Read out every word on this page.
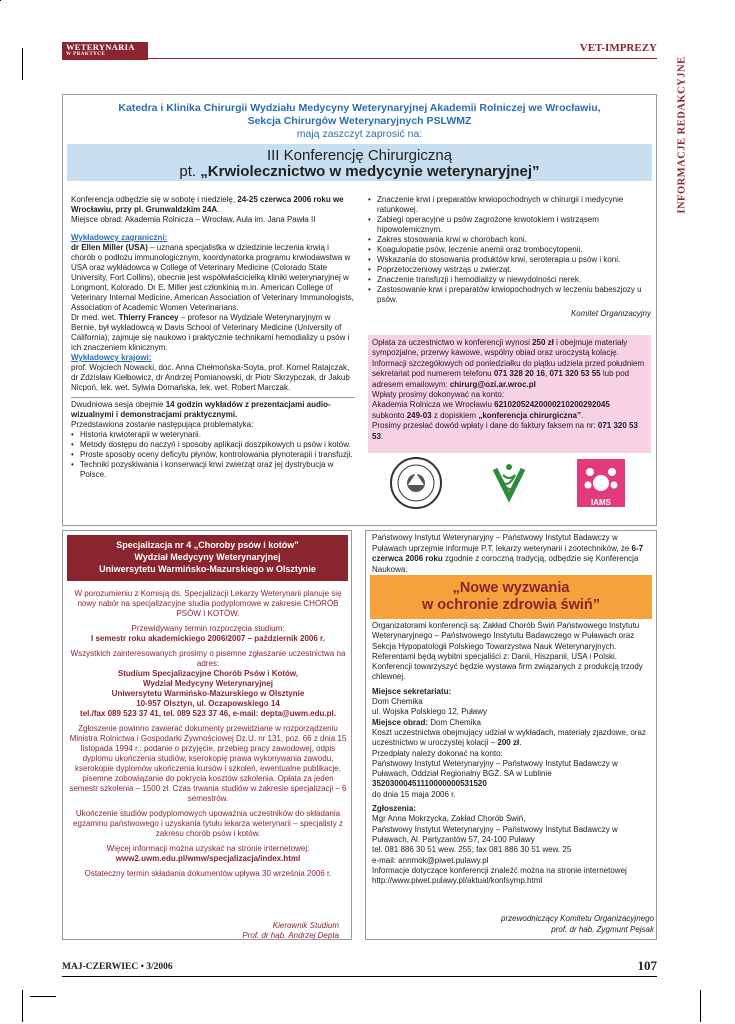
WETERYNARIA
W PRAKTYCE
VET-IMPREZY
INFORMACJE REDAKCYJNE
Katedra i Klinika Chirurgii Wydziału Medycyny Weterynaryjnej Akademii Rolniczej we Wrocławiu,
Sekcja Chirurgów Weterynaryjnych PSLWMZ
mają zaszczyt zaprosić na:
III Konferencję Chirurgiczną
pt. „Krwiolecznictwo w medycynie weterynaryjnej”

Konferencja odbędzie się w sobotę i niedzielę, 24-25 czerwca 2006 roku we Wrocławiu, przy pl. Grunwaldzkim 24A.

Miejsce obrad: Akademia Rolnicza – Wrocław, Aula im. Jana Pawła II

Wykładowcy zagraniczni:

dr Ellen Miller (USA) – uznana specjalistka w dziedzinie leczenia krwią i chorób o podłożu immunologicznym, koordynatorka programu krwiodawstwa w USA oraz wykładowca w College of Veterinary Medicine (Colorado State University, Fort Collins), obecnie jest współwłaścicielką kliniki weterynaryjnej w Longmont, Kolorado. Dr E. Miller jest członkinią m.in. American College of Veterinary Internal Medicine, American Association of Veterinary Immunologists, Association of Academic Women Veterinarians.

Dr med. wet. Thierry Francey – profesor na Wydziale Weterynaryjnym w Bernie, był wykładowcą w Davis School of Veterinary Medicine (University of California), zajmuje się naukowo i praktycznie technikami hemodializy u psów i ich znaczeniem klinicznym.

Wykładowcy krajowi:

prof. Wojciech Nowacki, doc. Anna Chełmońska-Soyta, prof. Kornel Ratajczak, dr Zdzisław Kiełbowicz, dr Andrzej Pomianowski, dr Piotr Skrzypczak, dr Jakub Nicpoń, lek. wet. Sylwia Domańska, lek. wet. Robert Marczak.

Dwudniowa sesja obejmie 14 godzin wykładów z prezentacjami audio-wizualnymi i demonstracjami praktycznymi.

Przedstawiona zostanie następująca problematyka:

• Historia krwioterapii w weterynarii.
• Metody dostępu do naczyń i sposoby aplikacji doszpikowych u psów i kotów.
• Proste sposoby oceny deficytu płynów, kontrolowania płynoterapii i transfuzji.
• Techniki pozyskiwania i konserwacji krwi zwierząt oraz jej dystrybucja w Polsce.
• Znaczenie krwi i preparatów krwiopochodnych w chirurgii i medycynie ratunkowej.
• Zabiegi operacyjne u psów zagrożone krwotokiem i wstrząsem hipowolemicznym.
• Zakres stosowania krwi w chorobach koni.
• Koagulopatie psów, leczenie anemii oraz trombocytopenii.
• Wskazania do stosowania produktów krwi, seroterapia u psów i koni.
• Poprzetoczeniowy wstrząs u zwierząt.
• Znaczenie transfuzji i hemodializy w niewydolności nerek.
• Zastosowanie krwi i preparatów krwiopochodnych w leczeniu babeszjozy u psów.

Komitet Organizacyjny

Opłata za uczestnictwo w konferencji wynosi 250 zł i obejmuje materiały sympozjalne, przerwy kawowe, wspólny obiad oraz uroczystą kolację.

Informacji szczegółowych od poniedziałku do piątku udziela przed południem sekretariat pod numerem telefonu 071 328 20 16, 071 320 53 55 lub pod adresem emailowym: chirurg@ozi.ar.wroc.pl

Wpłaty prosimy dokonywać na konto:

Akademia Rolnicza we Wrocławiu 62102052420000210200292045

subkonto 249-03 z dopiskiem „konferencja chirurgiczna”.

Prosimy przesłać dowód wpłaty i dane do faktury faksem na nr: 071 320 53 53.

IAMS
Specjalizacja nr 4 „Choroby psów i kotów”
Wydział Medycyny Weterynaryjnej
Uniwersytetu Warmińsko-Mazurskiego w Olsztynie

W porozumieniu z Komisją ds. Specjalizacji Lekarzy Weterynarii planuje się nowy nabór na specjalizacyjne studia podyplomowe w zakresie CHORÓB PSÓW I KOTÓW.

Przewidywany termin rozpoczęcia studium:
I semestr roku akademickiego 2006/2007 – październik 2006 r.

Wszystkich zainteresowanych prosimy o pisemne zgłaszanie uczestnictwa na adres:
Studium Specjalizacyjne Chorób Psów i Kotów,
Wydział Medycyny Weterynaryjnej
Uniwersytetu Warmińsko-Mazurskiego w Olsztynie
10-957 Olsztyn, ul. Oczapowskiego 14
tel./fax 089 523 37 41, tel. 089 523 37 46, e-mail: depta@uwm.edu.pl.

Zgłoszenie powinno zawierać dokumenty przewidziane w rozporządzeniu Ministra Rolnictwa i Gospodarki Żywnościowej Dz.U. nr 131, poz. 66 z dnia 15 listopada 1994 r.: podanie o przyjęcie, przebieg pracy zawodowej, odpis dyplomu ukończenia studiów, kserokopię prawa wykonywania zawodu, kserokopie dyplomów ukończenia kursów i szkoleń, ewentualne publikacje, pisemne zobowiązanie do pokrycia kosztów szkolenia. Opłata za jeden semestr szkolenia – 1500 zł. Czas trwania studiów w zakresie specjalizacji – 6 semestrów.

Ukończenie studiów podyplomowych upoważnia uczestników do składania egzaminu państwowego i uzyskania tytułu lekarza weterynarii – specjalisty z zakresu chorób psów i kotów.

Więcej informacji można uzyskać na stronie internetowej:
www2.uwm.edu.pl/wmw/specjalizacja/index.html

Ostateczny termin składania dokumentów upływa 30 września 2006 r.

Kierownik Studium
Prof. dr hab. Andrzej Depta
Państwowy Instytut Weterynaryjny – Państwowy Instytut Badawczy w Puławach uprzejmie informuje P.T. lekarzy weterynarii i zootechników, że 6-7 czerwca 2006 roku zgodnie z coroczną tradycją, odbędzie się Konferencja Naukowa:
„Nowe wyzwania
w ochronie zdrowia świń”

Organizatorami konferencji są: Zakład Chorób Świń Państwowego Instytutu Weterynaryjnego – Państwowego Instytutu Badawczego w Puławach oraz Sekcja Hypopatologii Polskiego Towarzystwa Nauk Weterynaryjnych. Referentami będą wybitni specjaliści z: Danii, Hiszpanii, USA i Polski. Konferencji towarzyszyć będzie wystawa firm związanych z produkcją trzody chlewnej.

Miejsce sekretariatu:

Dom Chemika

ul. Wojska Polskiego 12, Puławy

Miejsce obrad: Dom Chemika

Koszt uczestnictwa obejmujący udział w wykładach, materiały zjazdowe, oraz uczestnictwo w uroczystej kolacji – 200 zł.

Przedpłaty należy dokonać na konto:

Państwowy Instytut Weterynaryjny – Państwowy Instytut Badawczy w Puławach, Oddział Regionalny BGŻ. SA w Lublinie

35203000451110000000531520

do dnia 15 maja 2006 r.

Zgłoszenia:

Mgr Anna Mokrzycka, Zakład Chorób Świń,

Państwowy Instytut Weterynaryjny – Państwowy Instytut Badawczy w Puławach, Al. Partyzantów 57, 24-100 Puławy

tel. 081 886 30 51 wew. 255; fax 081 886 30 51 wew. 25

e-mail: annmok@piwet.pulawy.pl

Informacje dotyczące konferencji znaleźć można na stronie internetowej http://www.piwet.pulawy.pl/aktual/konfsymp.html

przewodniczący Komitetu Organizacyjnego
prof. dr hab. Zygmunt Pejsak
MAJ-CZERWIEC • 3/2006	107
